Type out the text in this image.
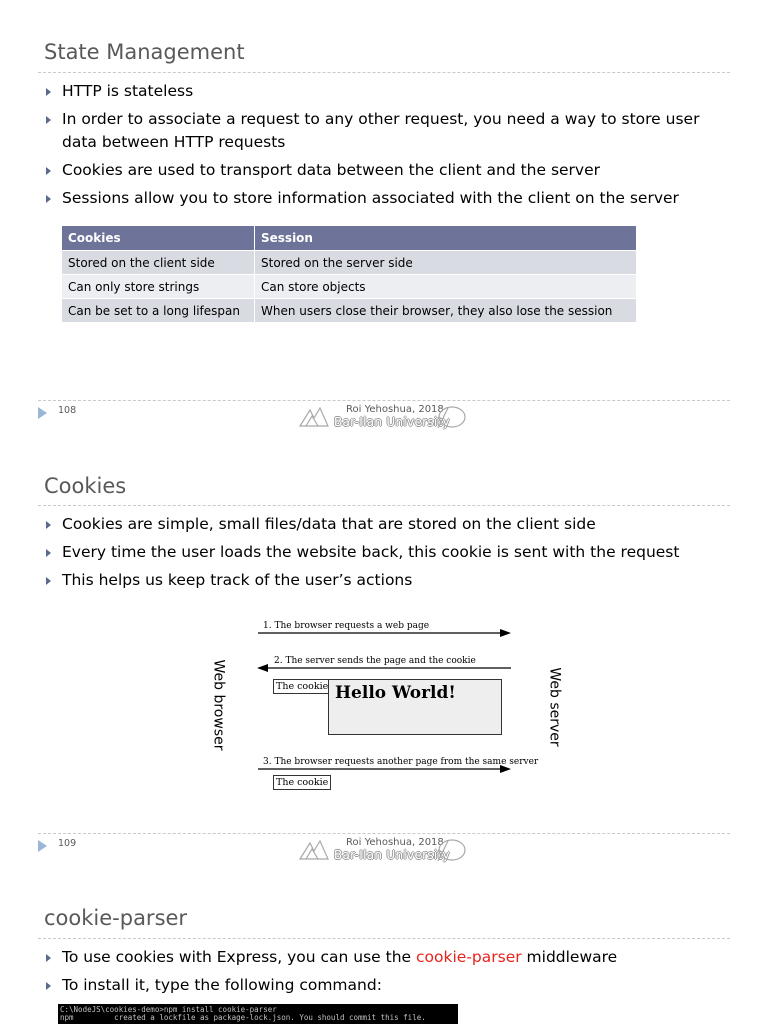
State Management
HTTP is stateless
In order to associate a request to any other request, you need a way to store user data between HTTP requests
Cookies are used to transport data between the client and the server
Sessions allow you to store information associated with the client on the server
Cookies	Session
Stored on the client side	Stored on the server side
Can only store strings	Can store objects
Can be set to a long lifespan	When users close their browser, they also lose the session
108	Roi Yehoshua, 2018
Bar-Ilan University
Cookies
Cookies are simple, small files/data that are stored on the client side
Every time the user loads the website back, this cookie is sent with the request
This helps us keep track of the user’s actions
Web browser	Web server
1. The browser requests a web page
2. The server sends the page and the cookie
3. The browser requests another page from the same server
The cookie Hello World!
The cookie
109	Roi Yehoshua, 2018
Bar-Ilan University
cookie-parser
To use cookies with Express, you can use the cookie-parser middleware
To install it, type the following command:
C:\NodeJS\cookies-demo>npm install cookie-parser
npm         created a lockfile as package-lock.json. You should commit this file.
